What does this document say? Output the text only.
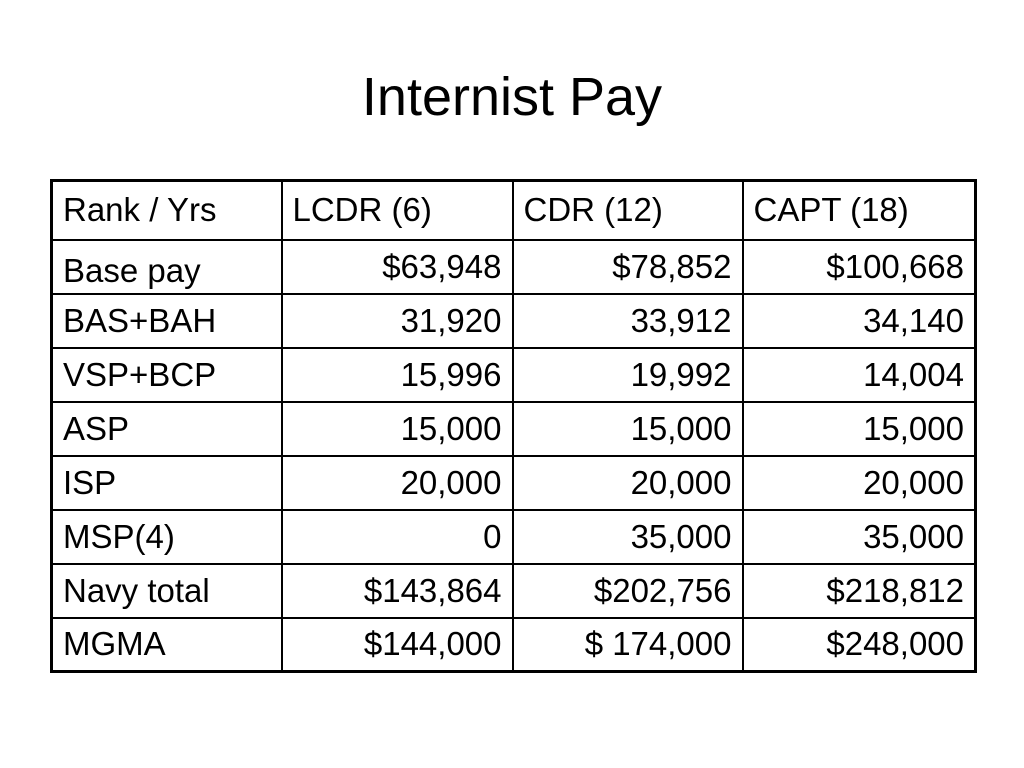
Internist Pay
Rank / Yrs	LCDR (6)	CDR (12)	CAPT (18)
Base pay	$63,948	$78,852	$100,668
BAS+BAH	31,920	33,912	34,140
VSP+BCP	15,996	19,992	14,004
ASP	15,000	15,000	15,000
ISP	20,000	20,000	20,000
MSP(4)	0	35,000	35,000
Navy total	$143,864	$202,756	$218,812
MGMA	$144,000	$ 174,000	$248,000
